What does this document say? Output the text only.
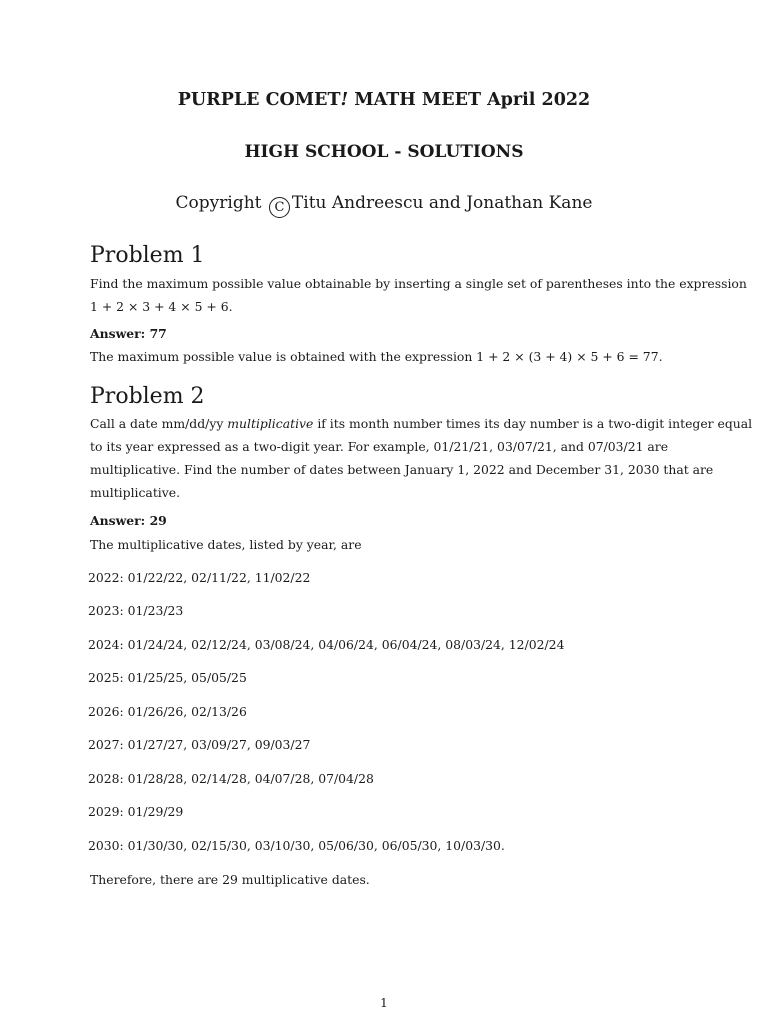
PURPLE COMET! MATH MEET April 2022
HIGH SCHOOL - SOLUTIONS
Copyright C Titu Andreescu and Jonathan Kane
Problem 1
Find the maximum possible value obtainable by inserting a single set of parentheses into the expression
1 + 2 × 3 + 4 × 5 + 6.
Answer: 77
The maximum possible value is obtained with the expression 1 + 2 × (3 + 4) × 5 + 6 = 77.
Problem 2
Call a date mm/dd/yy multiplicative if its month number times its day number is a two-digit integer equal
to its year expressed as a two-digit year. For example, 01/21/21, 03/07/21, and 07/03/21 are
multiplicative. Find the number of dates between January 1, 2022 and December 31, 2030 that are
multiplicative.
Answer: 29
The multiplicative dates, listed by year, are
2022: 01/22/22, 02/11/22, 11/02/22
2023: 01/23/23
2024: 01/24/24, 02/12/24, 03/08/24, 04/06/24, 06/04/24, 08/03/24, 12/02/24
2025: 01/25/25, 05/05/25
2026: 01/26/26, 02/13/26
2027: 01/27/27, 03/09/27, 09/03/27
2028: 01/28/28, 02/14/28, 04/07/28, 07/04/28
2029: 01/29/29
2030: 01/30/30, 02/15/30, 03/10/30, 05/06/30, 06/05/30, 10/03/30.
Therefore, there are 29 multiplicative dates.
1
